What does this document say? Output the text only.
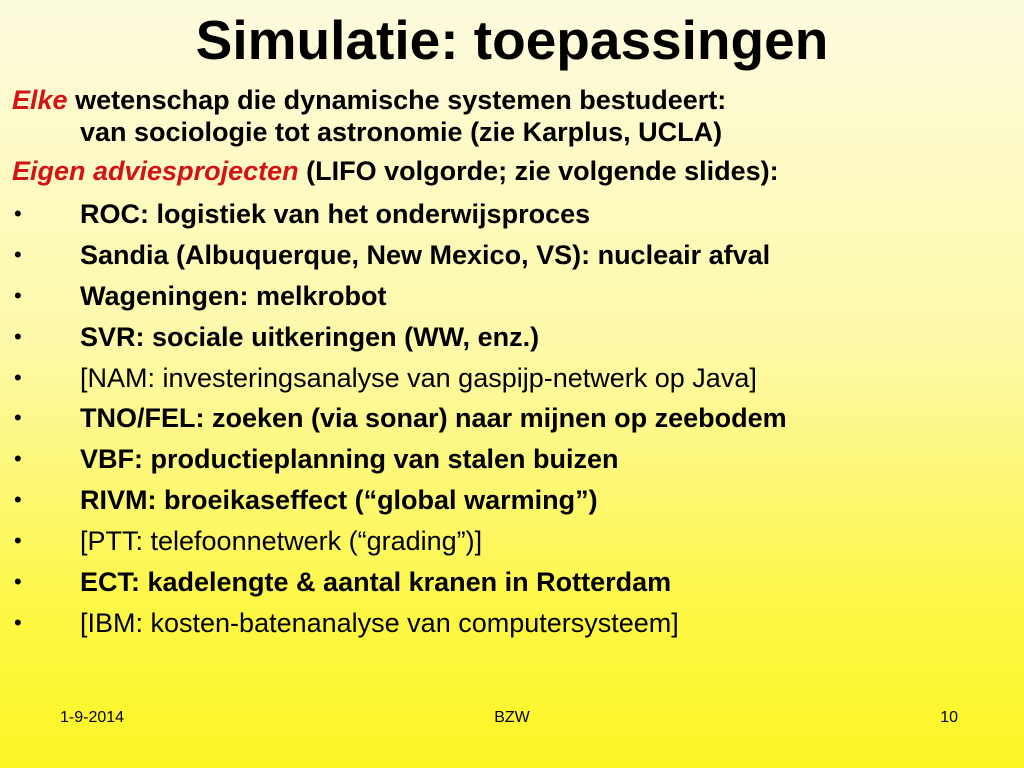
Simulatie: toepassingen
Elke wetenschap die dynamische systemen bestudeert:
van sociologie tot astronomie (zie Karplus, UCLA)
Eigen adviesprojecten (LIFO volgorde; zie volgende slides):
• ROC: logistiek van het onderwijsproces
• Sandia (Albuquerque, New Mexico, VS): nucleair afval
• Wageningen: melkrobot
• SVR: sociale uitkeringen (WW, enz.)
• [NAM: investeringsanalyse van gaspijp-netwerk op Java]
• TNO/FEL: zoeken (via sonar) naar mijnen op zeebodem
• VBF: productieplanning van stalen buizen
• RIVM: broeikaseffect (“global warming”)
• [PTT: telefoonnetwerk (“grading”)]
• ECT: kadelengte & aantal kranen in Rotterdam
• [IBM: kosten-batenanalyse van computersysteem]
1-9-2014	BZW	10
